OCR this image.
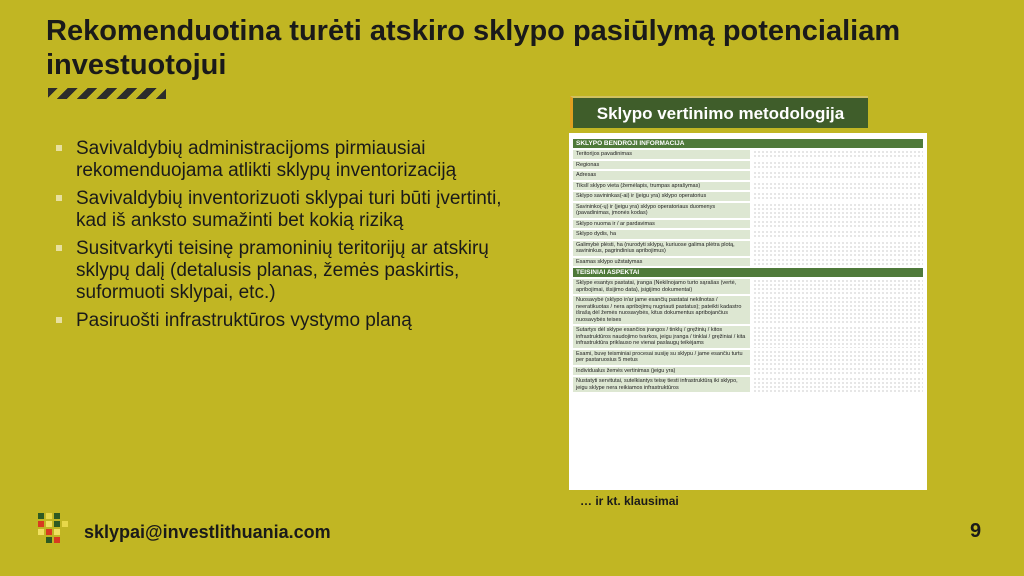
Rekomenduotina turėti atskiro sklypo pasiūlymą potencialiam investuotojui
Savivaldybių administracijoms pirmiausiai rekomenduojama atlikti sklypų inventorizaciją
Savivaldybių inventorizuoti sklypai turi būti įvertinti, kad iš anksto sumažinti bet kokią riziką
Susitvarkyti teisinę pramoninių teritorijų ar atskirų sklypų dalį (detalusis planas, žemės paskirtis, suformuoti sklypai, etc.)
Pasiruošti infrastruktūros vystymo planą
Sklypo vertinimo metodologija
SKLYPO BENDROJI INFORMACIJA
Teritorijos pavadinimas
Regionas
Adresas
Tikslī sklypo vieta (žemėlapis, trumpas aprašymas)
Sklypo savininkas(-ai) ir (jeigu yra) sklypo operatorius
Savininko(-ų) ir (jeigu yra) sklypo operatoriaus duomenys (pavadinimas, įmonės kodas)
Sklypo nuoma ir / ar pardavimas
Sklypo dydis, ha
Galimybė plėsti, ha (nurodyti sklypų, kuriuose galima plėtra plotą, savininkus, pagrindinius apribojimus)
Esamas sklypo užstatymas
TEISINIAI ASPEKTAI
Sklype esantys pastatai, įranga (Nekilnojamo turto sąrašas (vertė, apribojimai, išsijimo data), įsigijimo dokumentai)
Nuosavybė (sklypo ir/ar jame esančių pastatai nekilnotas / neeratikuotas / nera apribojimų nugriauti pastatus); pateikti kadastro išrašą dėl žemės nuosavybės, kitus dokumentus apribojančius nuosavybės teises
Sutartys dėl sklype esančios įrangos / tinklų / gręžinių / kitos infrastruktūros naudojimo tvarkos, jeigu įranga / tinklai / gręžiniai / kita infrastruktūra priklauso ne vienai paslaugų teikėjams
Esami, buvę teisminiai procesai susiję su sklypu / jame esančiu turtu per pastaruosius 5 metus
Individualus žemės vertinimas (jeigu yra)
Nustatyti servitutai, sutelkiantys teisę tiesti infrastruktūrą iki sklypo, jeigu sklype nera reikiamos infrastruktūros
… ir kt. klausimai
sklypai@investlithuania.com	9
